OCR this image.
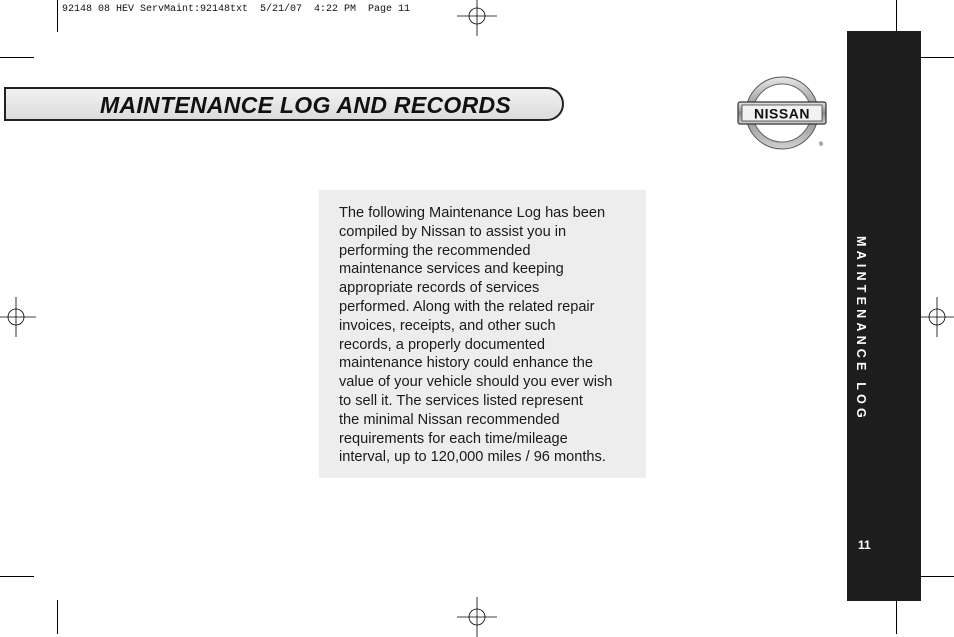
92148 08 HEV ServMaint:92148txt  5/21/07  4:22 PM  Page 11
MAINTENANCE LOG AND RECORDS	NISSAN
®

The following Maintenance Log has been
compiled by Nissan to assist you in
performing the recommended
maintenance services and keeping
appropriate records of services
performed. Along with the related repair
invoices, receipts, and other such
records, a properly documented
maintenance history could enhance the
value of your vehicle should you ever wish
to sell it. The services listed represent
the minimal Nissan recommended
requirements for each time/mileage
interval, up to 120,000 miles / 96 months.

MAINTENANCE LOG
11
